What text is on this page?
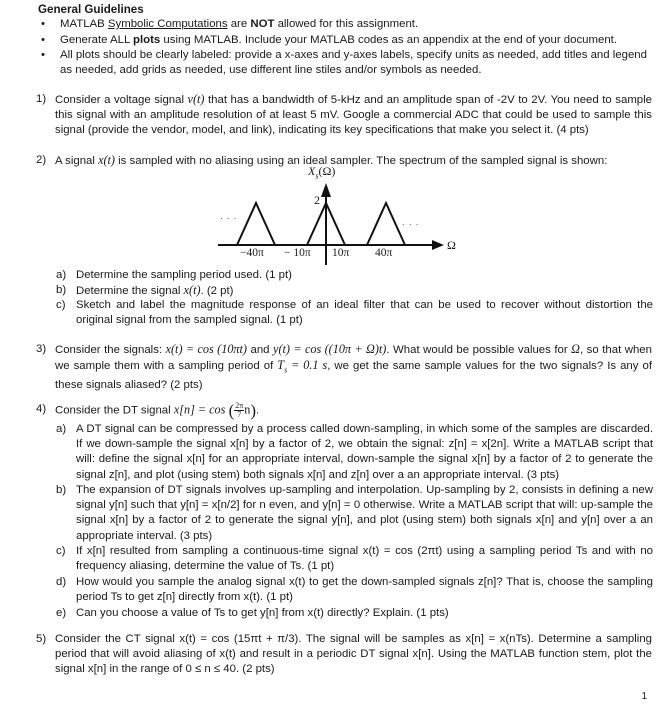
General Guidelines
• MATLAB Symbolic Computations are NOT allowed for this assignment.
• Generate ALL plots using MATLAB. Include your MATLAB codes as an appendix at the end of your document.
• All plots should be clearly labeled: provide a x-axes and y-axes labels, specify units as needed, add titles and legend as needed, add grids as needed, use different line stiles and/or symbols as needed.
1) Consider a voltage signal v(t) that has a bandwidth of 5-kHz and an amplitude span of -2V to 2V. You need to sample this signal with an amplitude resolution of at least 5 mV. Google a commercial ADC that could be used to sample this signal (provide the vendor, model, and link), indicating its key specifications that make you select it. (4 pts)
2) A signal x(t) is sampled with no aliasing using an ideal sampler. The spectrum of the sampled signal is shown:
$X_s(\Omega)$
2
· · ·
· · ·
Ω
−40π − 10π 10π 40π
a) Determine the sampling period used. (1 pt)
b) Determine the signal x(t). (2 pt)
c) Sketch and label the magnitude response of an ideal filter that can be used to recover without distortion the original signal from the sampled signal. (1 pt)
3) Consider the signals: x(t) = cos (10πt) and y(t) = cos ((10π + Ω)t). What would be possible values for Ω, so that when we sample them with a sampling period of $T_s = 0.1$ s, we get the same sample values for the two signals? Is any of these signals aliased? (2 pts)
4) Consider the DT signal x[n] = cos ( $\frac{2\pi}{7} n$).
a) A DT signal can be compressed by a process called down-sampling, in which some of the samples are discarded. If we down-sample the signal x[n] by a factor of 2, we obtain the signal: z[n] = x[2n]. Write a MATLAB script that will: define the signal x[n] for an appropriate interval, down-sample the signal x[n] by a factor of 2 to generate the signal z[n], and plot (using stem) both signals x[n] and z[n] over a an appropriate interval. (3 pts)
b) The expansion of DT signals involves up-sampling and interpolation. Up-sampling by 2, consists in defining a new signal y[n] such that y[n] = x[n/2] for n even, and y[n] = 0 otherwise. Write a MATLAB script that will: up-sample the signal x[n] by a factor of 2 to generate the signal y[n], and plot (using stem) both signals x[n] and y[n] over a an appropriate interval. (3 pts)
c) If x[n] resulted from sampling a continuous-time signal x(t) = cos (2πt) using a sampling period Ts and with no frequency aliasing, determine the value of Ts. (1 pt)
d) How would you sample the analog signal x(t) to get the down-sampled signals z[n]? That is, choose the sampling period Ts to get z[n] directly from x(t). (1 pt)
e) Can you choose a value of Ts to get y[n] from x(t) directly? Explain. (1 pts)
5) Consider the CT signal x(t) = cos (15πt + π/3). The signal will be samples as x[n] = x(nTs). Determine a sampling period that will avoid aliasing of x(t) and result in a periodic DT signal x[n]. Using the MATLAB function stem, plot the signal x[n] in the range of 0 ≤ n ≤ 40. (2 pts)
1
